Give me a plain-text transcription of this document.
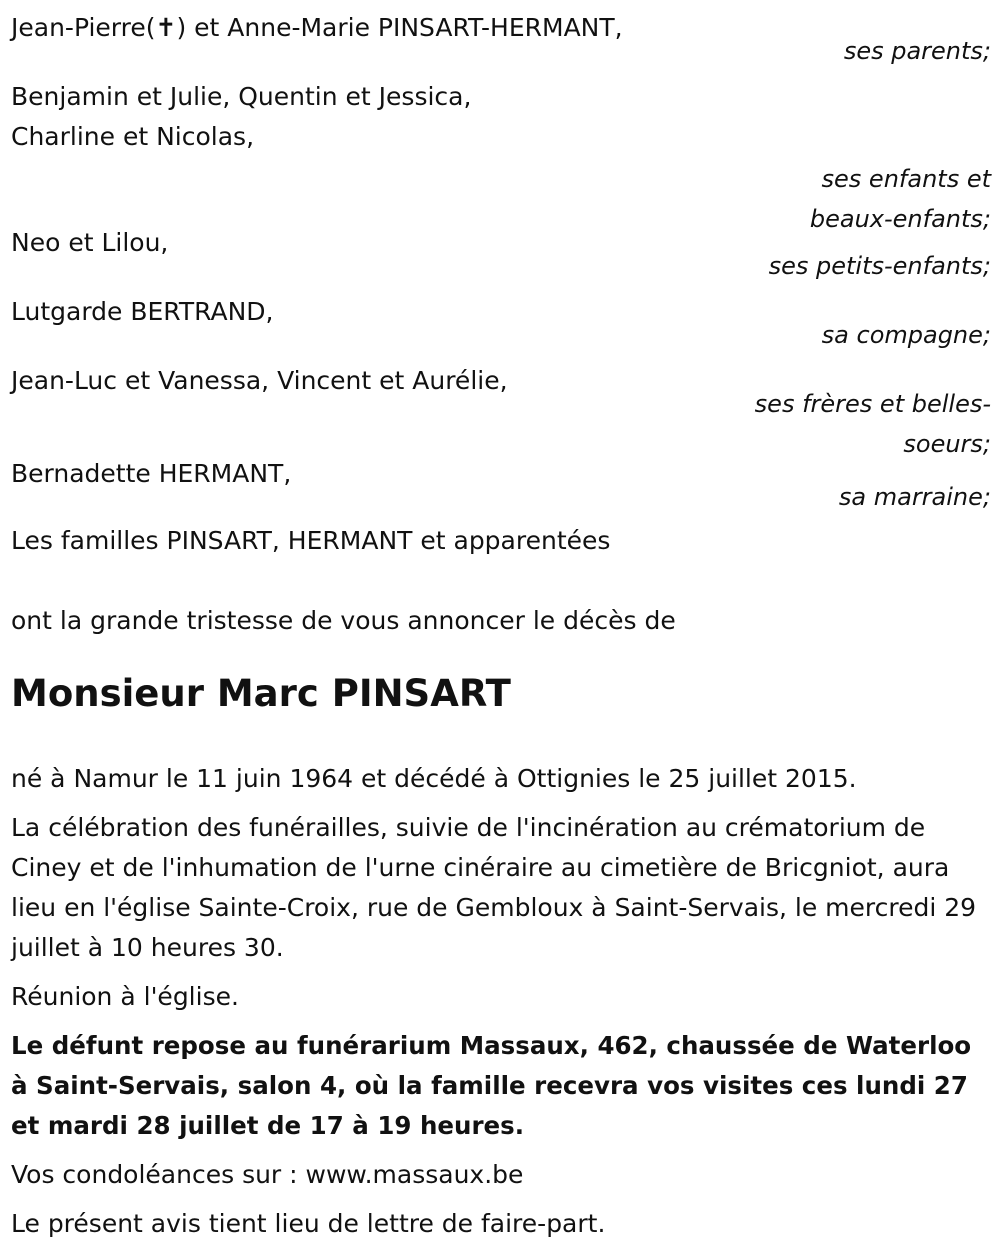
Jean-Pierre(✝) et Anne-Marie PINSART-HERMANT,
ses parents;
Benjamin et Julie, Quentin et Jessica,
Charline et Nicolas,
ses enfants et beaux-enfants;
Neo et Lilou,
ses petits-enfants;
Lutgarde BERTRAND,
sa compagne;
Jean-Luc et Vanessa, Vincent et Aurélie,
ses frères et belles-soeurs;
Bernadette HERMANT,
sa marraine;
Les familles PINSART, HERMANT et apparentées
ont la grande tristesse de vous annoncer le décès de
Monsieur Marc PINSART
né à Namur le 11 juin 1964 et décédé à Ottignies le 25 juillet 2015.
La célébration des funérailles, suivie de l'incinération au crématorium de Ciney et de l'inhumation de l'urne cinéraire au cimetière de Bricgniot, aura lieu en l'église Sainte-Croix, rue de Gembloux à Saint-Servais, le mercredi 29 juillet à 10 heures 30.
Réunion à l'église.
Le défunt repose au funérarium Massaux, 462, chaussée de Waterloo à Saint-Servais, salon 4, où la famille recevra vos visites ces lundi 27 et mardi 28 juillet de 17 à 19 heures.
Vos condoléances sur : www.massaux.be
Le présent avis tient lieu de lettre de faire-part.
